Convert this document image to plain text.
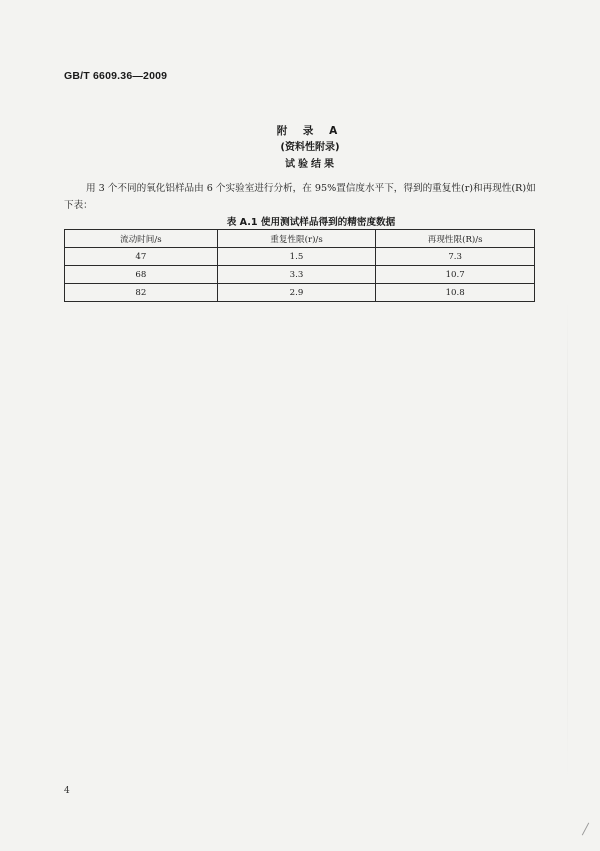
GB/T 6609.36—2009
附 录 A
(资料性附录)
试验结果
用 3 个不同的氧化铝样品由 6 个实验室进行分析，在 95%置信度水平下，得到的重复性(r)和再现性(R)如下表：
表 A.1 使用测试样品得到的精密度数据
流动时间/s	重复性限(r)/s	再现性限(R)/s
47	1.5	7.3
68	3.3	10.7
82	2.9	10.8
4
